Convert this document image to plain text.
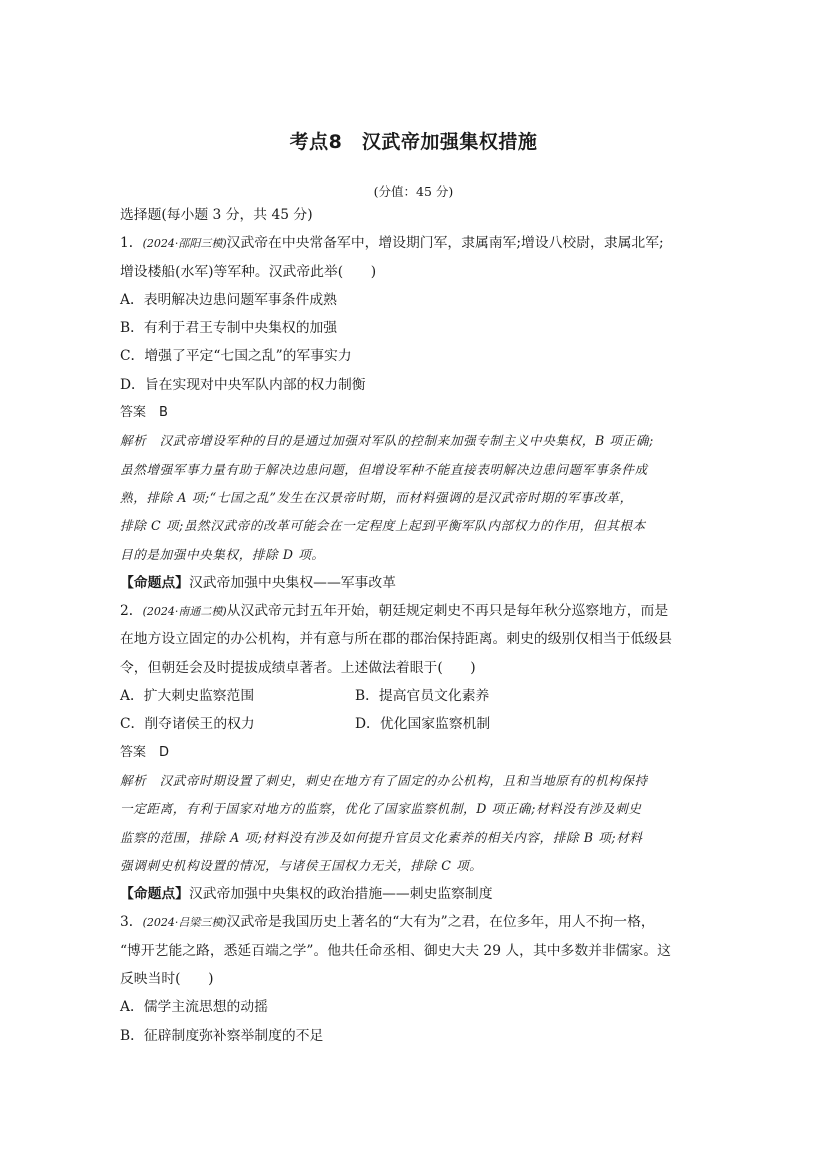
考点8　汉武帝加强集权措施
(分值：45 分)
选择题(每小题 3 分，共 45 分)
1．(2024·邵阳三模)汉武帝在中央常备军中，增设期门军，隶属南军;增设八校尉，隶属北军;
增设楼船(水军)等军种。汉武帝此举(　　)
A．表明解决边患问题军事条件成熟
B．有利于君王专制中央集权的加强
C．增强了平定“七国之乱”的军事实力
D．旨在实现对中央军队内部的权力制衡
答案　B
解析　汉武帝增设军种的目的是通过加强对军队的控制来加强专制主义中央集权，B 项正确;
虽然增强军事力量有助于解决边患问题，但增设军种不能直接表明解决边患问题军事条件成
熟，排除 A 项;“七国之乱”发生在汉景帝时期，而材料强调的是汉武帝时期的军事改革，
排除 C 项;虽然汉武帝的改革可能会在一定程度上起到平衡军队内部权力的作用，但其根本
目的是加强中央集权，排除 D 项。
【命题点】汉武帝加强中央集权——军事改革
2．(2024·南通二模)从汉武帝元封五年开始，朝廷规定刺史不再只是每年秋分巡察地方，而是
在地方设立固定的办公机构，并有意与所在郡的郡治保持距离。刺史的级别仅相当于低级县
令，但朝廷会及时提拔成绩卓著者。上述做法着眼于(　　)
A．扩大刺史监察范围	B．提高官员文化素养
C．削夺诸侯王的权力	D．优化国家监察机制
答案　D
解析　汉武帝时期设置了刺史，刺史在地方有了固定的办公机构，且和当地原有的机构保持
一定距离，有利于国家对地方的监察，优化了国家监察机制，D 项正确;材料没有涉及刺史
监察的范围，排除 A 项;材料没有涉及如何提升官员文化素养的相关内容，排除 B 项;材料
强调刺史机构设置的情况，与诸侯王国权力无关，排除 C 项。
【命题点】汉武帝加强中央集权的政治措施——刺史监察制度
3．(2024·吕梁三模)汉武帝是我国历史上著名的“大有为”之君，在位多年，用人不拘一格，
“博开艺能之路，悉延百端之学”。他共任命丞相、御史大夫 29 人，其中多数并非儒家。这
反映当时(　　)
A．儒学主流思想的动摇
B．征辟制度弥补察举制度的不足
